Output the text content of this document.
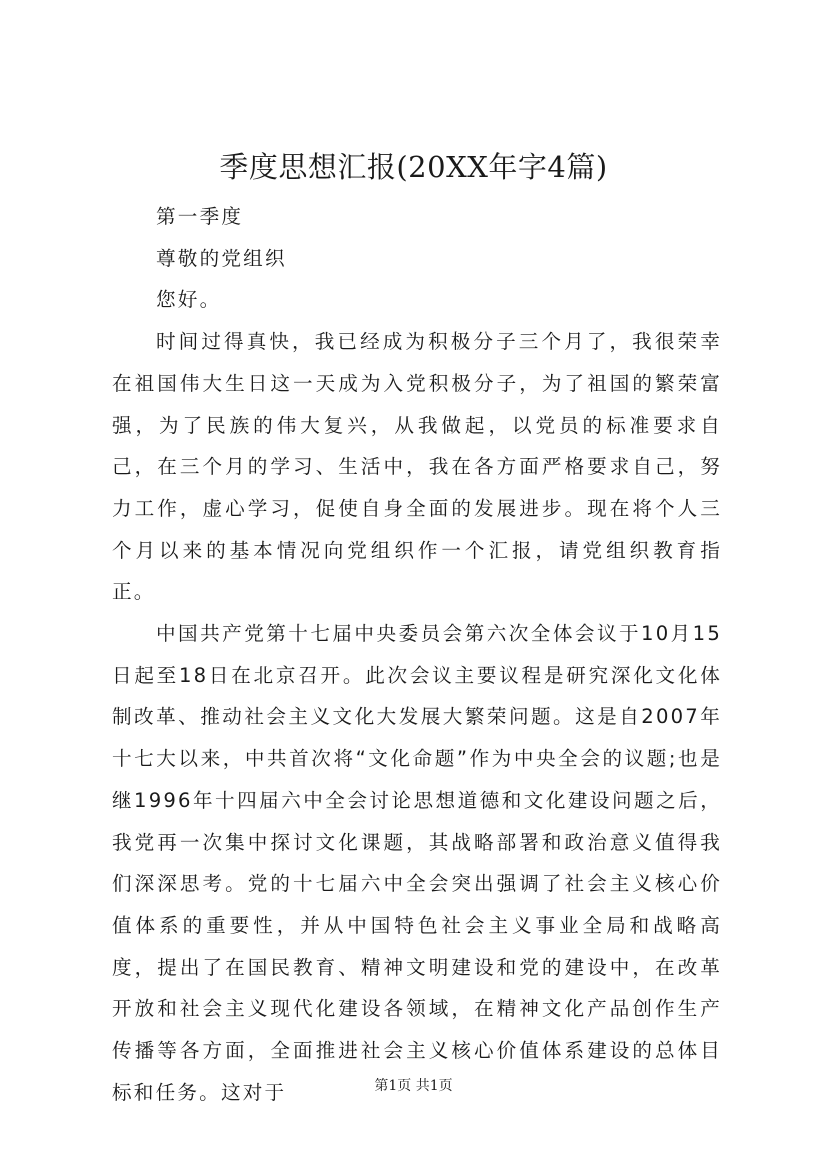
季度思想汇报(20XX年字4篇)

第一季度

尊敬的党组织

您好。

时间过得真快，我已经成为积极分子三个月了，我很荣幸在祖国伟大生日这一天成为入党积极分子，为了祖国的繁荣富强，为了民族的伟大复兴，从我做起，以党员的标准要求自己，在三个月的学习、生活中，我在各方面严格要求自己，努力工作，虚心学习，促使自身全面的发展进步。现在将个人三个月以来的基本情况向党组织作一个汇报，请党组织教育指正。

中国共产党第十七届中央委员会第六次全体会议于10月15日起至18日在北京召开。此次会议主要议程是研究深化文化体制改革、推动社会主义文化大发展大繁荣问题。这是自2007年十七大以来，中共首次将“文化命题”作为中央全会的议题;也是继1996年十四届六中全会讨论思想道德和文化建设问题之后，我党再一次集中探讨文化课题，其战略部署和政治意义值得我们深深思考。党的十七届六中全会突出强调了社会主义核心价值体系的重要性，并从中国特色社会主义事业全局和战略高度，提出了在国民教育、精神文明建设和党的建设中，在改革开放和社会主义现代化建设各领域，在精神文化产品创作生产传播等各方面，全面推进社会主义核心价值体系建设的总体目标和任务。这对于	第1页 共1页
